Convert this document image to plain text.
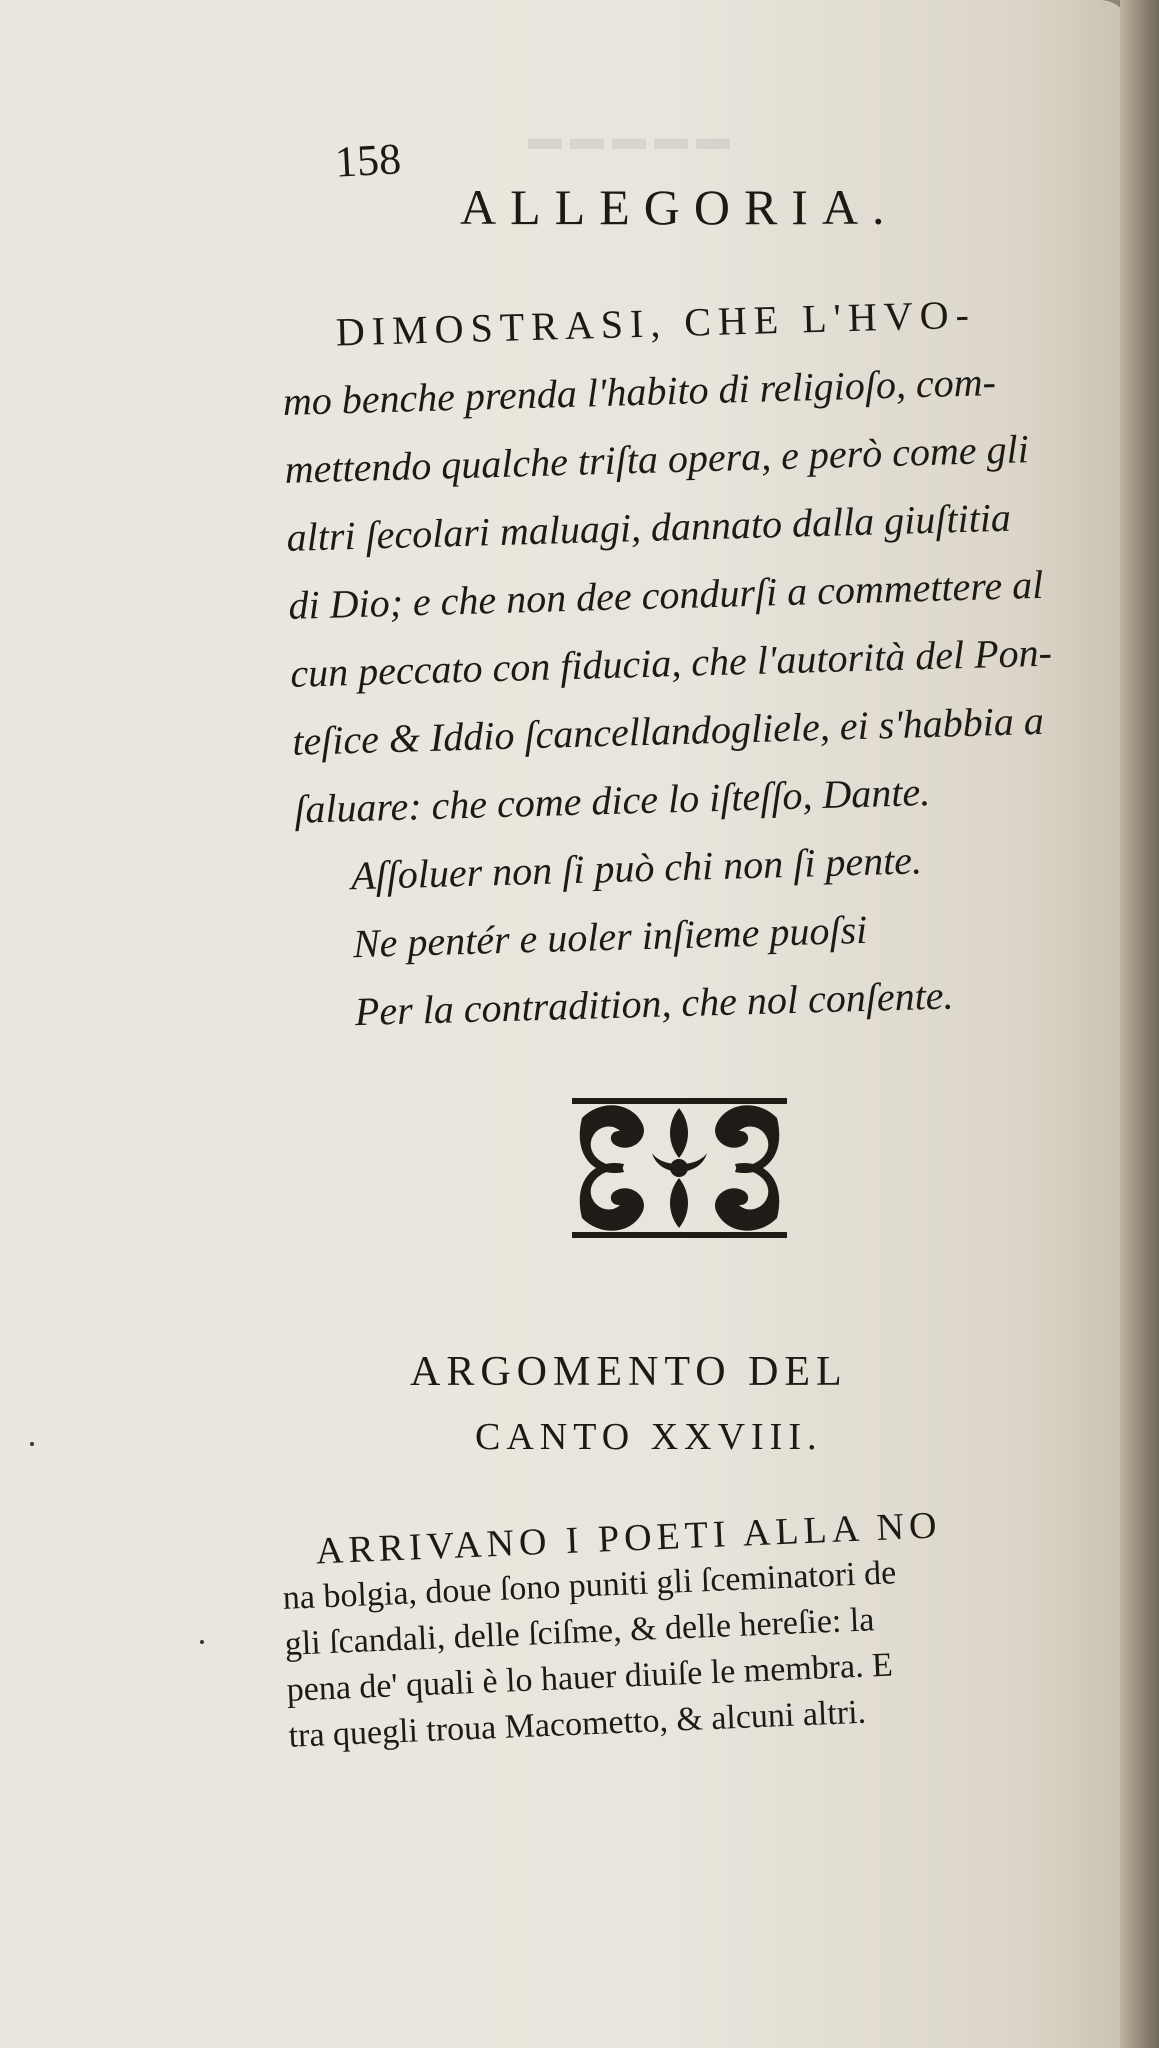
▬▬▬▬▬
158
ALLEGORIA.
DIMOSTRASI, CHE L'HVO-
mo benche prenda l'habito di religioſo, com-
mettendo qualche triſta opera, e però come gli
altri ſecolari maluagi, dannato dalla giuſtitia
di Dio; e che non dee condurſi a commettere al
cun peccato con fiducia, che l'autorità del Pon-
teſice & Iddio ſcancellandogliele, ei s'habbia a
ſaluare: che come dice lo iſteſſo, Dante.
Aſſoluer non ſi può chi non ſi pente.
Ne pentér e uoler inſieme puoſsi
Per la contradition, che nol conſente.
ARGOMENTO DEL
CANTO XXVIII.
ARRIVANO I POETI ALLA NO
na bolgia, doue ſono puniti gli ſceminatori de
gli ſcandali, delle ſciſme, & delle hereſie: la
pena de' quali è lo hauer diuiſe le membra. E
tra quegli troua Macometto, & alcuni altri.
